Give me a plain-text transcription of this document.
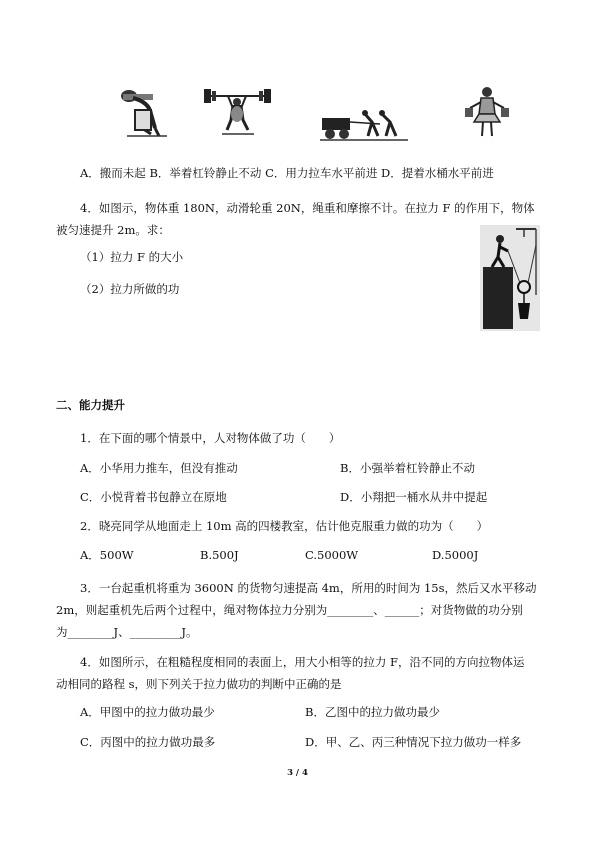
A．搬而未起 B．举着杠铃静止不动 C．用力拉车水平前进 D．提着水桶水平前进

4．如图示，物体重 180N，动滑轮重 20N，绳重和摩擦不计。在拉力 F 的作用下，物体

被匀速提升 2m。求：

（1）拉力 F 的大小

（2）拉力所做的功

二、能力提升

1．在下面的哪个情景中，人对物体做了功（　　）

A．小华用力推车，但没有推动	B．小强举着杠铃静止不动

C．小悦背着书包静立在原地	D．小翔把一桶水从井中提起

2．晓亮同学从地面走上 10m 高的四楼教室，估计他克服重力做的功为（　　）

A．500W	B.500J	C.5000W	D.5000J

3．一台起重机将重为 3600N 的货物匀速提高 4m，所用的时间为 15s，然后又水平移动

2m，则起重机先后两个过程中，绳对物体拉力分别为________、______；对货物做的功分别

为________J、_________J。

4．如图所示，在粗糙程度相同的表面上，用大小相等的拉力 F，沿不同的方向拉物体运

动相同的路程 s，则下列关于拉力做功的判断中正确的是

A．甲图中的拉力做功最少	B．乙图中的拉力做功最少

C．丙图中的拉力做功最多	D．甲、乙、丙三种情况下拉力做功一样多

3 / 4
